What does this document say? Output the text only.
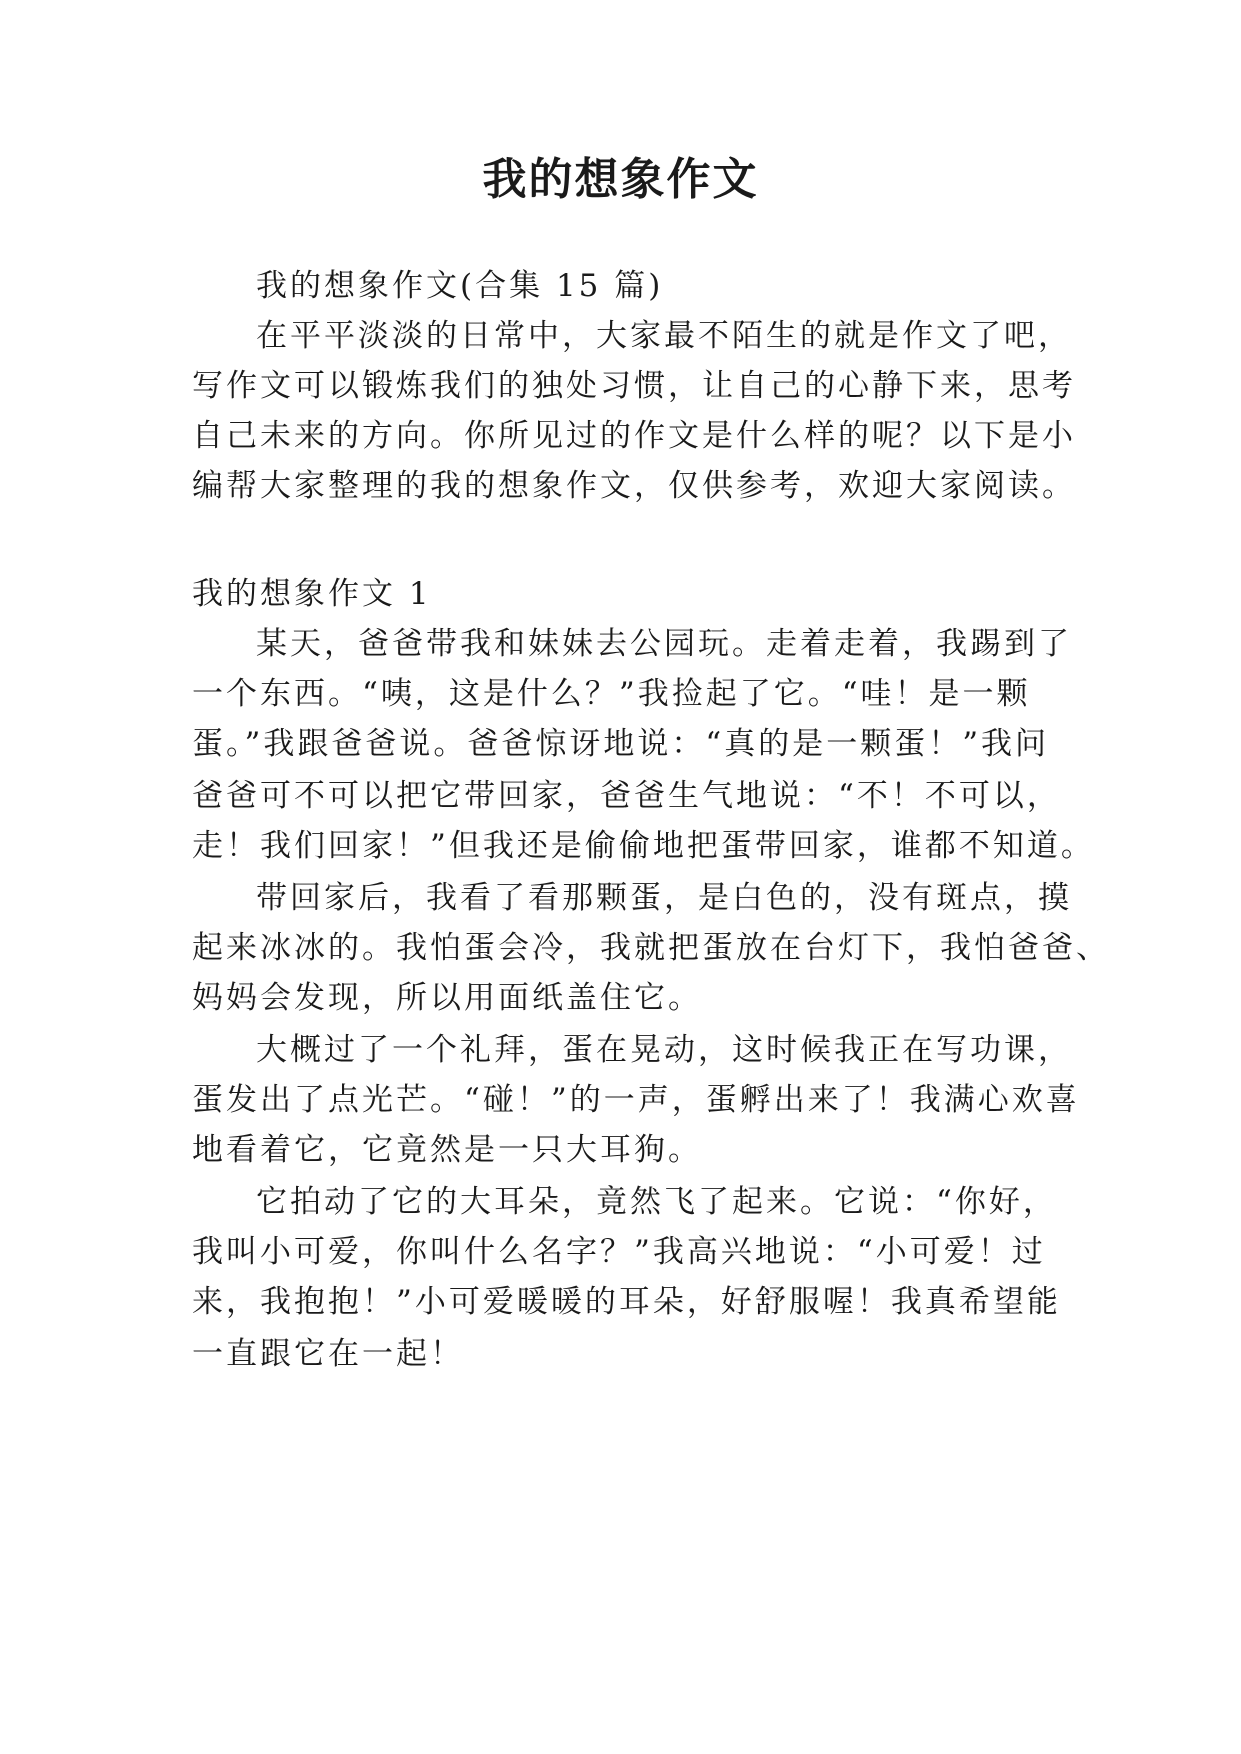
我的想象作文

我的想象作文(合集 15 篇)

在平平淡淡的日常中，大家最不陌生的就是作文了吧，

写作文可以锻炼我们的独处习惯，让自己的心静下来，思考

自己未来的方向。你所见过的作文是什么样的呢？以下是小

编帮大家整理的我的想象作文，仅供参考，欢迎大家阅读。

我的想象作文 1

某天，爸爸带我和妹妹去公园玩。走着走着，我踢到了

一个东西。“咦，这是什么？”我捡起了它。“哇！是一颗

蛋。”我跟爸爸说。爸爸惊讶地说：“真的是一颗蛋！”我问

爸爸可不可以把它带回家，爸爸生气地说：“不！不可以，

走！我们回家！”但我还是偷偷地把蛋带回家，谁都不知道。

带回家后，我看了看那颗蛋，是白色的，没有斑点，摸

起来冰冰的。我怕蛋会冷，我就把蛋放在台灯下，我怕爸爸、

妈妈会发现，所以用面纸盖住它。

大概过了一个礼拜，蛋在晃动，这时候我正在写功课，

蛋发出了点光芒。“碰！”的一声，蛋孵出来了！我满心欢喜

地看着它，它竟然是一只大耳狗。

它拍动了它的大耳朵，竟然飞了起来。它说：“你好，

我叫小可爱，你叫什么名字？”我高兴地说：“小可爱！过

来，我抱抱！”小可爱暖暖的耳朵，好舒服喔！我真希望能

一直跟它在一起！
